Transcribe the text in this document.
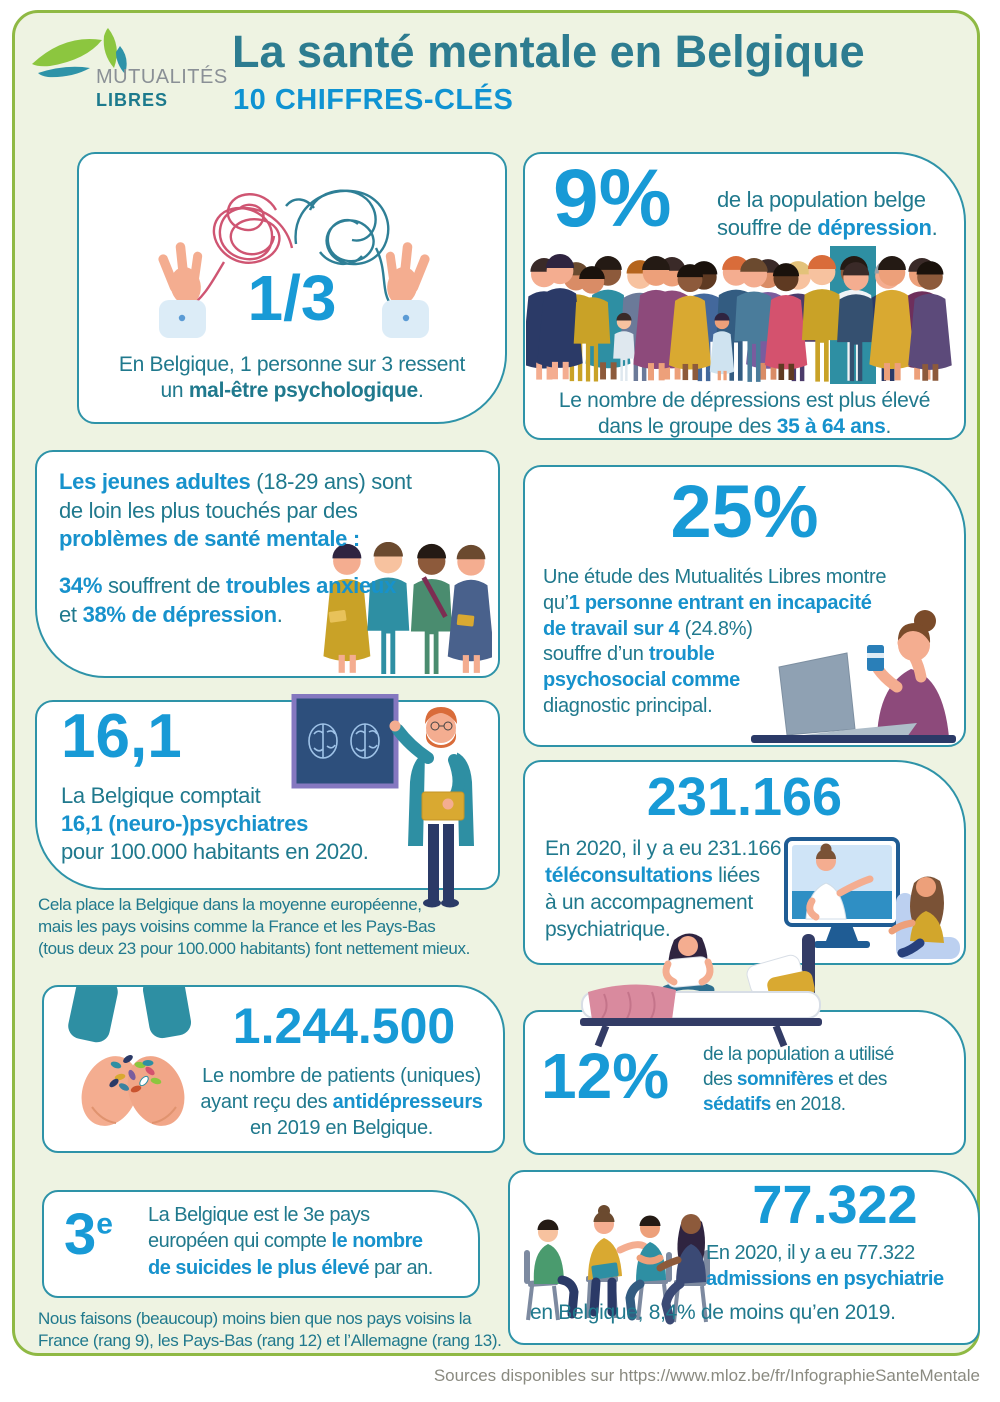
MUTUALITÉS
LIBRES
La santé mentale en Belgique
10 CHIFFRES-CLÉS
1/3
En Belgique, 1 personne sur 3 ressent
un mal-être psychologique.
9% de la population belge
souffre de dépression.
Le nombre de dépressions est plus élevé
dans le groupe des 35 à 64 ans.
Les jeunes adultes (18-29 ans) sont
de loin les plus touchés par des
problèmes de santé mentale :
34% souffrent de troubles anxieux
et 38% de dépression.
25%
Une étude des Mutualités Libres montre
qu’1 personne entrant en incapacité
de travail sur 4 (24.8%)
souffre d’un trouble
psychosocial comme
diagnostic principal.
16,1
La Belgique comptait
16,1 (neuro-)psychiatres
pour 100.000 habitants en 2020.
Cela place la Belgique dans la moyenne européenne,
mais les pays voisins comme la France et les Pays-Bas
(tous deux 23 pour 100.000 habitants) font nettement mieux.
231.166
En 2020, il y a eu 231.166
téléconsultations liées
à un accompagnement
psychiatrique.
1.244.500
Le nombre de patients (uniques)
ayant reçu des antidépresseurs
en 2019 en Belgique.
12% de la population a utilisé
des somnifères et des
sédatifs en 2018.
3e La Belgique est le 3e pays
européen qui compte le nombre
de suicides le plus élevé par an.
Nous faisons (beaucoup) moins bien que nos pays voisins la
France (rang 9), les Pays-Bas (rang 12) et l’Allemagne (rang 13).
77.322
En 2020, il y a eu 77.322
admissions en psychiatrie
en Belgique, 8,4% de moins qu’en 2019.
Sources disponibles sur https://www.mloz.be/fr/InfographieSanteMentale
